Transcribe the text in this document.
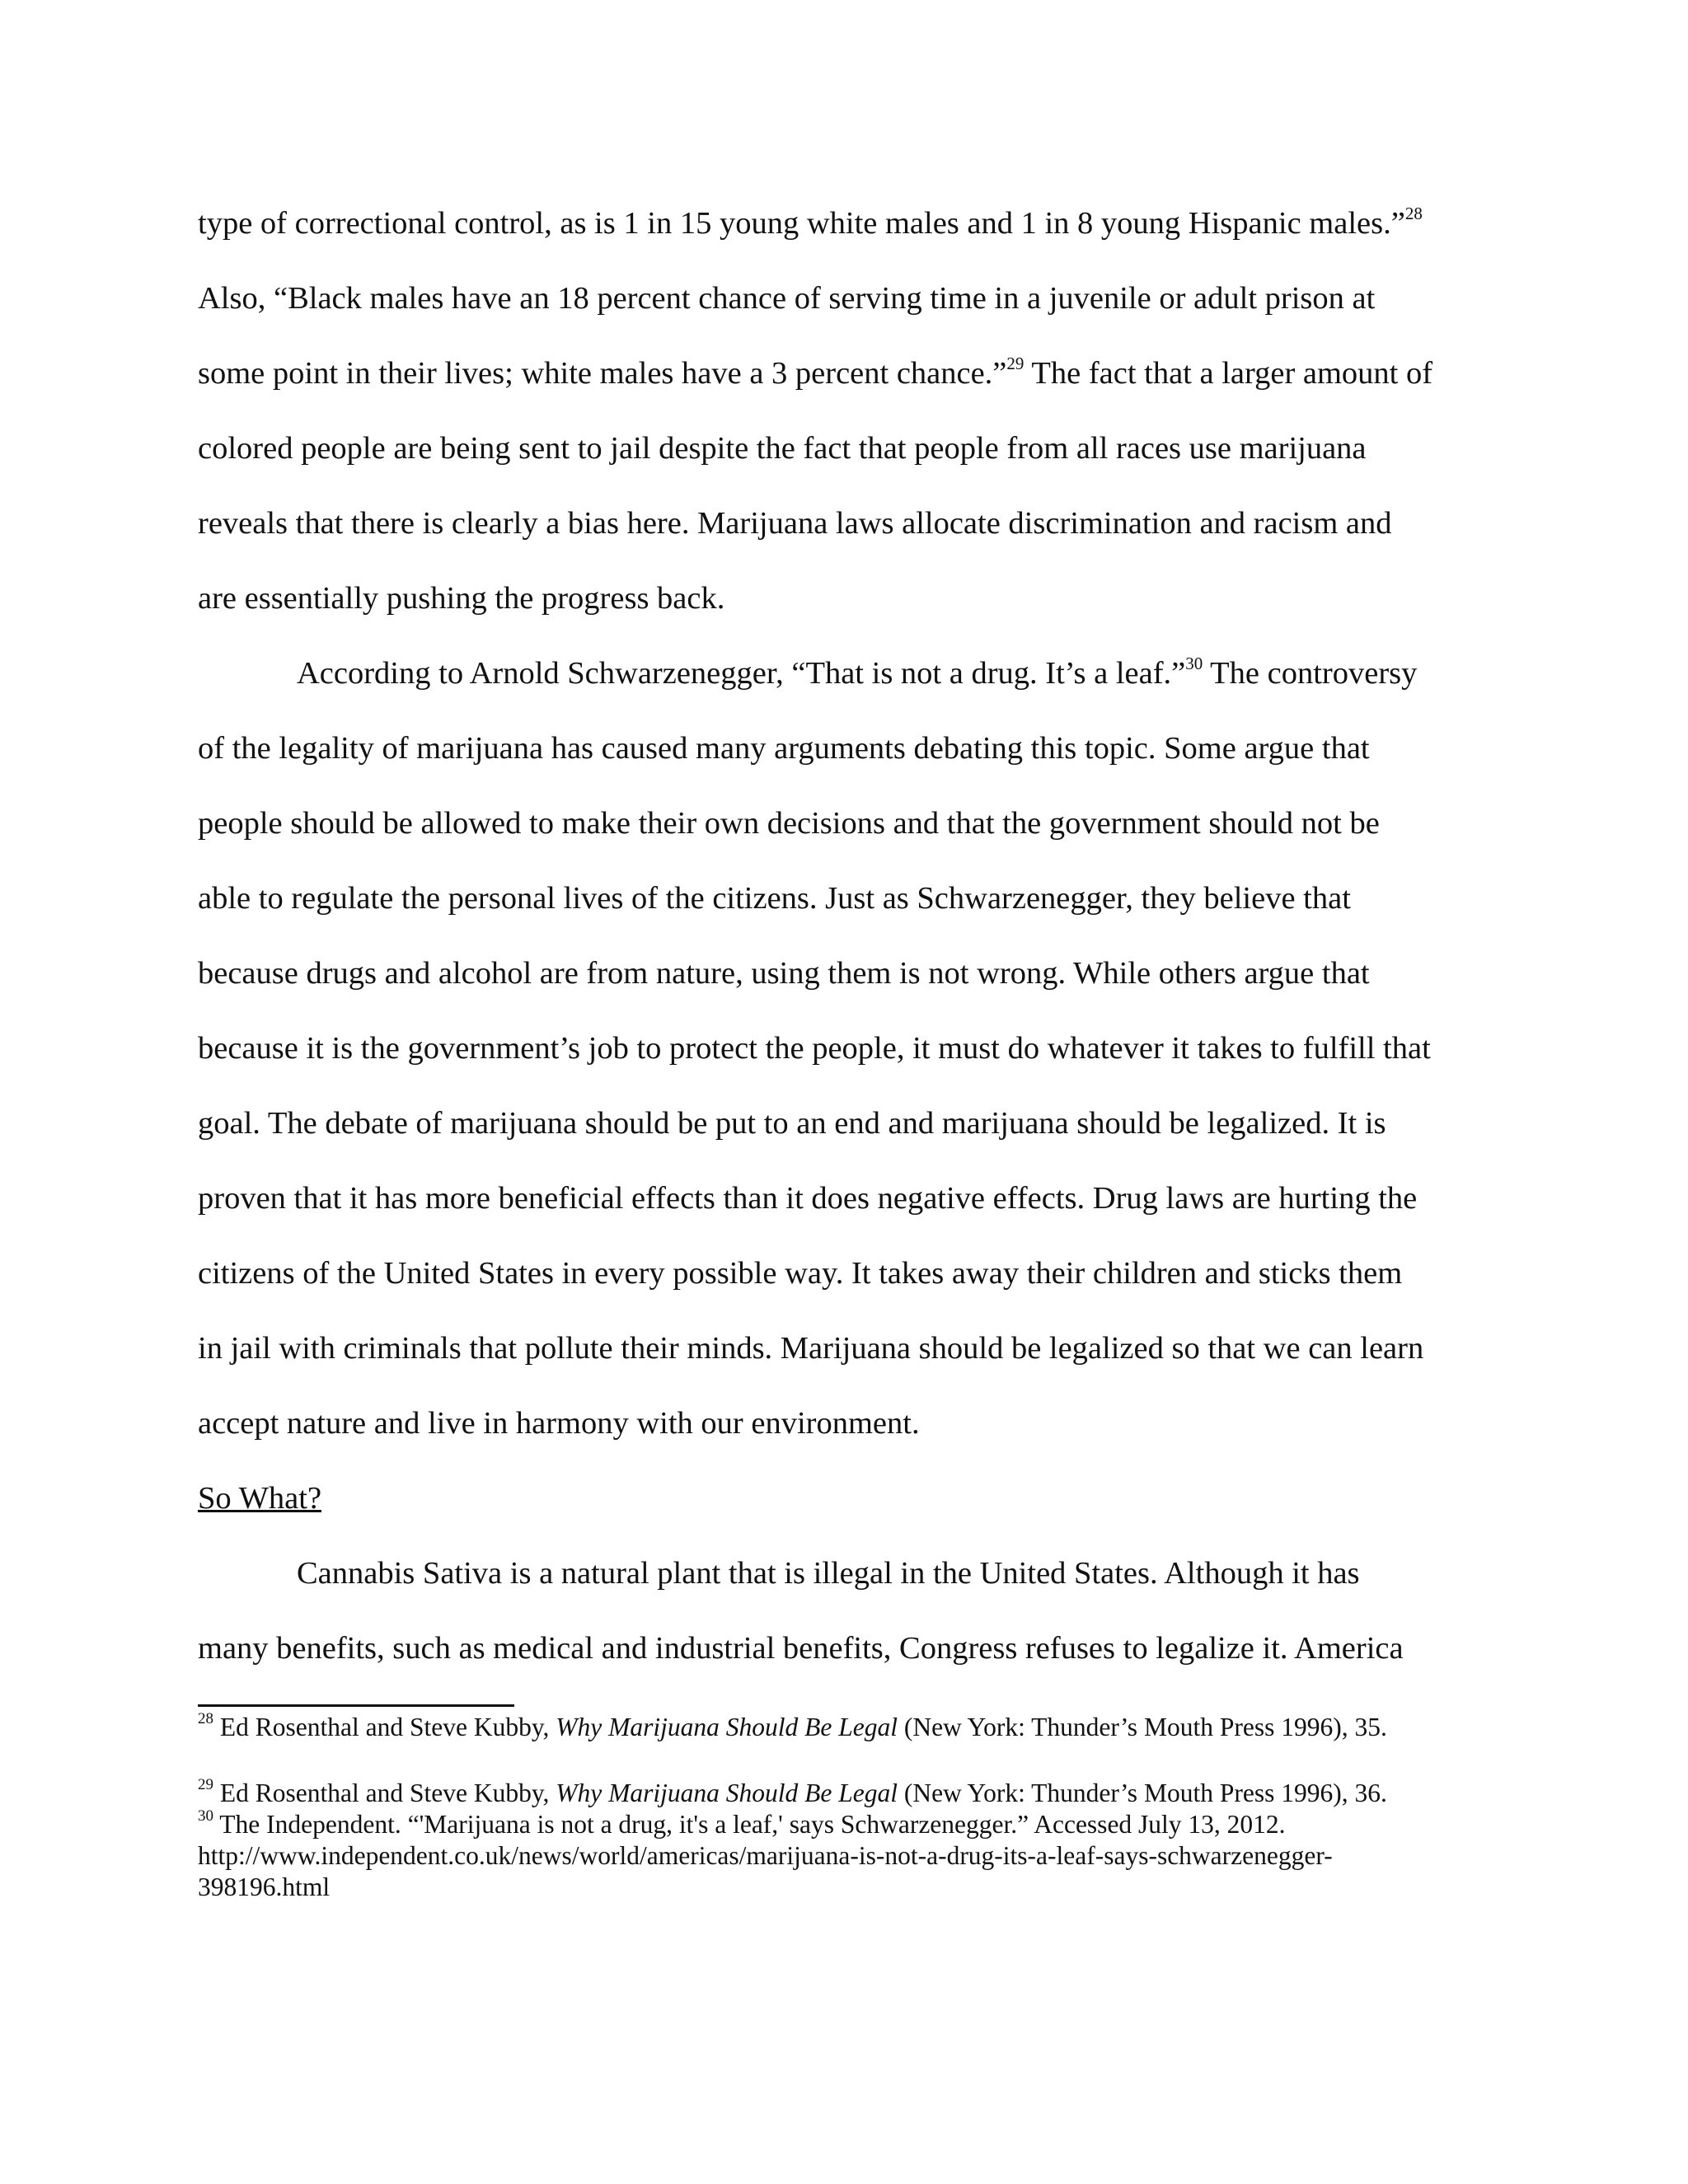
type of correctional control, as is 1 in 15 young white males and 1 in 8 young Hispanic males.”$^{28}$
Also, “Black males have an 18 percent chance of serving time in a juvenile or adult prison at
some point in their lives; white males have a 3 percent chance.”$^{29}$ The fact that a larger amount of
colored people are being sent to jail despite the fact that people from all races use marijuana
reveals that there is clearly a bias here. Marijuana laws allocate discrimination and racism and
are essentially pushing the progress back.
According to Arnold Schwarzenegger, “That is not a drug. It’s a leaf.”$^{30}$ The controversy
of the legality of marijuana has caused many arguments debating this topic. Some argue that
people should be allowed to make their own decisions and that the government should not be
able to regulate the personal lives of the citizens. Just as Schwarzenegger, they believe that
because drugs and alcohol are from nature, using them is not wrong. While others argue that
because it is the government’s job to protect the people, it must do whatever it takes to fulfill that
goal. The debate of marijuana should be put to an end and marijuana should be legalized. It is
proven that it has more beneficial effects than it does negative effects. Drug laws are hurting the
citizens of the United States in every possible way. It takes away their children and sticks them
in jail with criminals that pollute their minds. Marijuana should be legalized so that we can learn
accept nature and live in harmony with our environment.
So What?
Cannabis Sativa is a natural plant that is illegal in the United States. Although it has
many benefits, such as medical and industrial benefits, Congress refuses to legalize it. America
$^{28}$ Ed Rosenthal and Steve Kubby, Why Marijuana Should Be Legal (New York: Thunder’s Mouth Press 1996), 35.
$^{29}$ Ed Rosenthal and Steve Kubby, Why Marijuana Should Be Legal (New York: Thunder’s Mouth Press 1996), 36.
$^{30}$ The Independent. “'Marijuana is not a drug, it's a leaf,' says Schwarzenegger.” Accessed July 13, 2012.
http://www.independent.co.uk/news/world/americas/marijuana-is-not-a-drug-its-a-leaf-says-schwarzenegger-
398196.html
